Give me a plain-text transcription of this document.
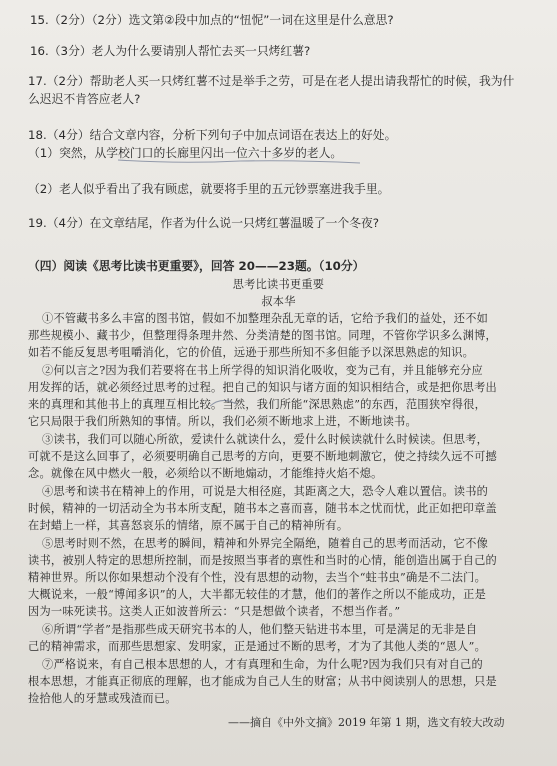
15.（2分）（2分）选文第②段中加点的“忸怩”一词在这里是什么意思?
16.（3分）老人为什么要请别人帮忙去买一只烤红薯?
17.（2分）帮助老人买一只烤红薯不过是举手之劳，可是在老人提出请我帮忙的时候，我为什
么迟迟不肯答应老人?
18.（4分）结合文章内容，分析下列句子中加点词语在表达上的好处。
（1）突然，从学校门口的长廊里闪出一位六十多岁的老人。
（2）老人似乎看出了我有顾虑，就要将手里的五元钞票塞进我手里。
19.（4分）在文章结尾，作者为什么说一只烤红薯温暖了一个冬夜?
（四）阅读《思考比读书更重要》，回答 20——23题。（10分）
思考比读书更重要
叔本华
①不管藏书多么丰富的图书馆，假如不加整理杂乱无章的话，它给予我们的益处，还不如
那些规模小、藏书少，但整理得条理井然、分类清楚的图书馆。同理，不管你学识多么渊博，
如若不能反复思考咀嚼消化，它的价值，远逊于那些所知不多但能予以深思熟虑的知识。
②何以言之?因为我们若要将在书上所学得的知识消化吸收，变为己有，并且能够充分应
用发挥的话，就必须经过思考的过程。把自己的知识与诸方面的知识相结合，或是把你思考出
来的真理和其他书上的真理互相比较。当然，我们所能“深思熟虑”的东西，范围狭窄得很，
它只局限于我们所熟知的事情。所以，我们必须不断地求上进，不断地读书。
③读书，我们可以随心所欲，爱读什么就读什么，爱什么时候读就什么时候读。但思考，
可就不是这么回事了，必须要明确自己思考的方向，更要不断地刺激它，使之持续久远不可撼
念。就像在风中燃火一般，必须给以不断地煽动，才能维持火焰不熄。
④思考和读书在精神上的作用，可说是大相径庭，其距离之大，恐令人难以置信。读书的
时候，精神的一切活动全为书本所支配，随书本之喜而喜，随书本之忧而忧，此正如把印章盖
在封蜡上一样，其喜怒哀乐的情绪，原不属于自己的精神所有。
⑤思考时则不然，在思考的瞬间，精神和外界完全隔绝，随着自己的思考而活动，它不像
读书，被别人特定的思想所控制，而是按照当事者的禀性和当时的心情，能创造出属于自己的
精神世界。所以你如果想动个没有个性，没有思想的动物，去当个“蛀书虫”确是不二法门。
大概说来，一般“博闻多识”的人，大半都无较佳的才慧，他们的著作之所以不能成功，正是
因为一味死读书。这类人正如波普所云：“只是想做个读者，不想当作者。”
⑥所谓“学者”是指那些成天研究书本的人，他们整天钻进书本里，可是满足的无非是自
己的精神需求，而那些思想家、发明家，正是通过不断的思考，才为了其他人类的“恩人”。
⑦严格说来，有自己根本思想的人，才有真理和生命，为什么呢?因为我们只有对自己的
根本思想，才能真正彻底的理解，也才能成为自己人生的财富；从书中阅读别人的思想，只是
捡拾他人的牙慧或残渣而已。
——摘自《中外文摘》2019 年第 1 期，选文有较大改动
